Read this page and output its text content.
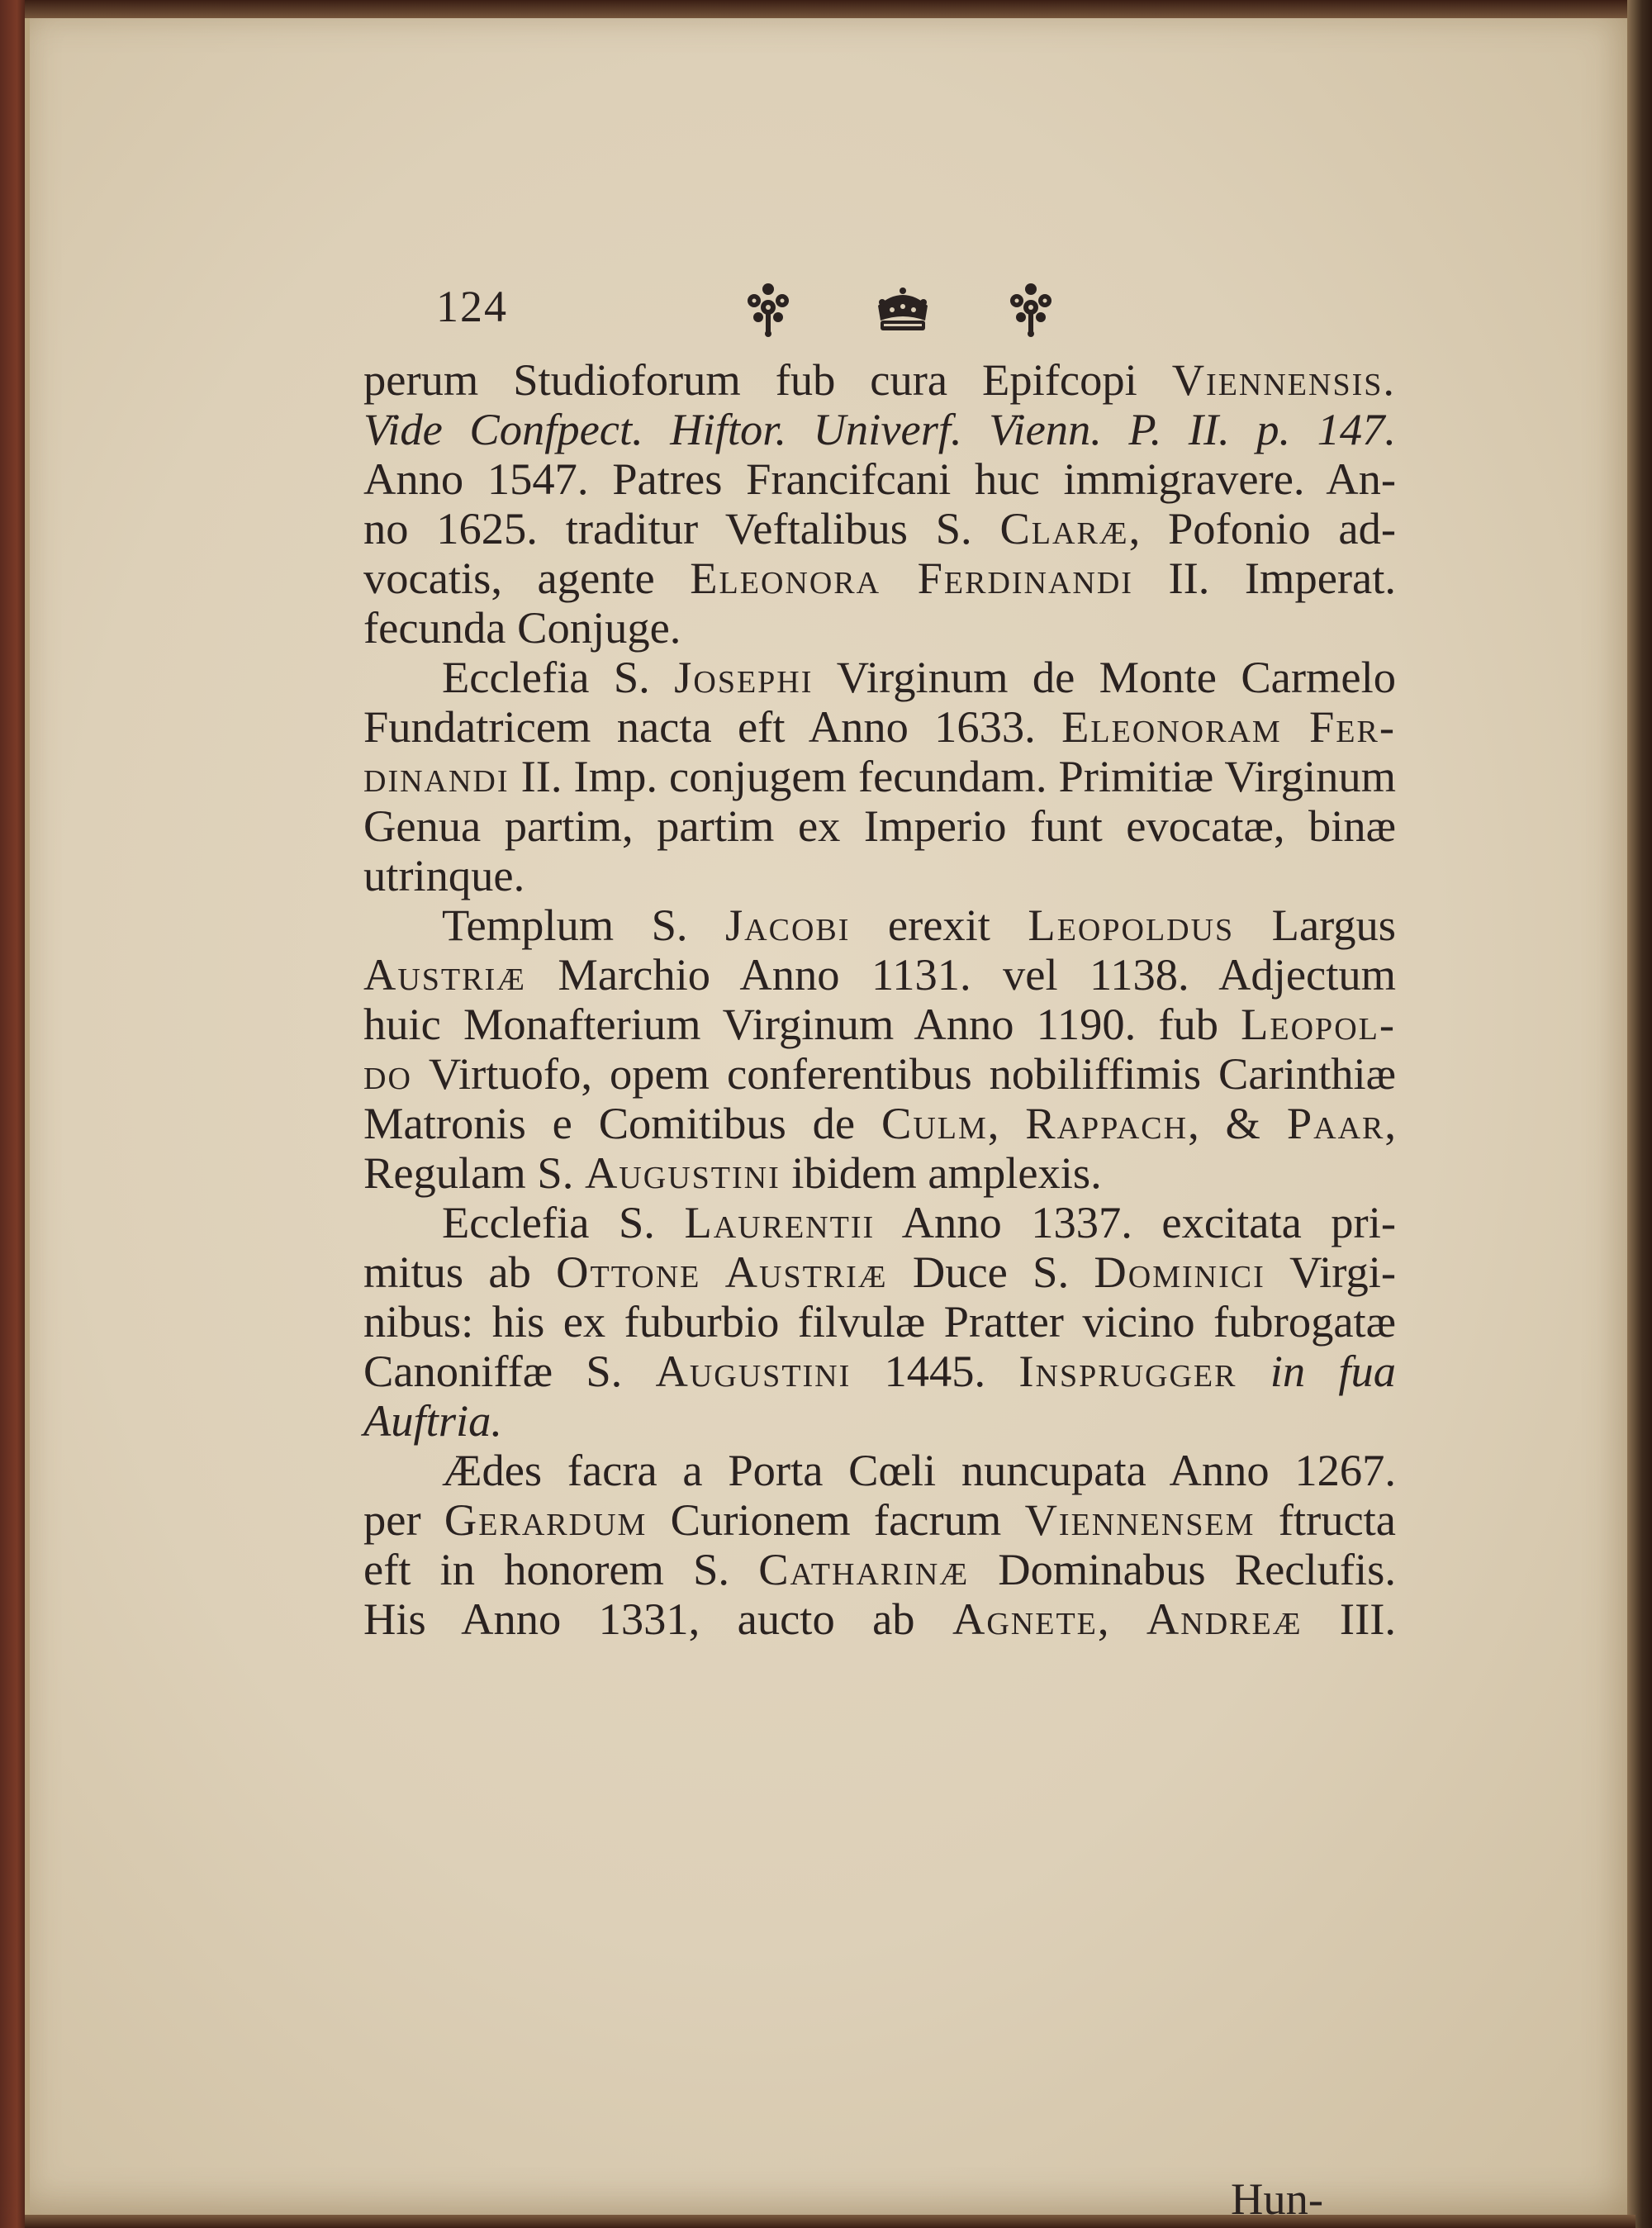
124
perum Studioforum fub cura Epifcopi Viennensis.
Vide Confpect. Hiftor. Univerf. Vienn. P. II. p. 147.
Anno 1547. Patres Francifcani huc immigravere. An-
no 1625. traditur Veftalibus S. Claræ, Pofonio ad-
vocatis, agente Eleonora Ferdinandi II. Imperat.
fecunda Conjuge.
Ecclefia S. Josephi Virginum de Monte Carmelo
Fundatricem nacta eft Anno 1633. Eleonoram Fer-
dinandi II. Imp. conjugem fecundam. Primitiæ Virginum
Genua partim, partim ex Imperio funt evocatæ, binæ
utrinque.
Templum S. Jacobi erexit Leopoldus Largus
Austriæ Marchio Anno 1131. vel 1138. Adjectum
huic Monafterium Virginum Anno 1190. fub Leopol-
do Virtuofo, opem conferentibus nobiliffimis Carinthiæ
Matronis e Comitibus de Culm, Rappach, & Paar,
Regulam S. Augustini ibidem amplexis.
Ecclefia S. Laurentii Anno 1337. excitata pri-
mitus ab Ottone Austriæ Duce S. Dominici Virgi-
nibus: his ex fuburbio filvulæ Pratter vicino fubrogatæ
Canoniffæ S. Augustini 1445. Insprugger in fua
Auftria.
Ædes facra a Porta Cœli nuncupata Anno 1267.
per Gerardum Curionem facrum Viennensem ftructa
eft in honorem S. Catharinæ Dominabus Reclufis.
His Anno 1331, aucto ab Agnete, Andreæ III.
Hun-
